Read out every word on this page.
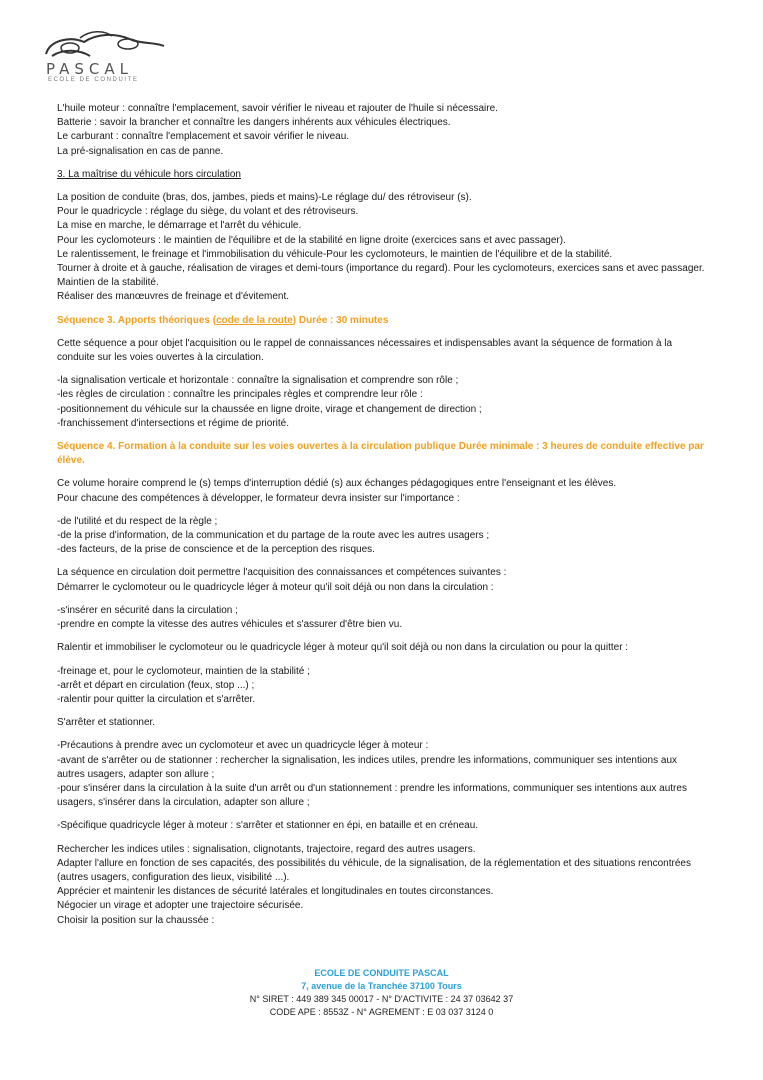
PASCAL
ECOLE DE CONDUITE

L'huile moteur : connaître l'emplacement, savoir vérifier le niveau et rajouter de l'huile si nécessaire.
Batterie : savoir la brancher et connaître les dangers inhérents aux véhicules électriques.
Le carburant : connaître l'emplacement et savoir vérifier le niveau.
La pré-signalisation en cas de panne.

3. La maîtrise du véhicule hors circulation

La position de conduite (bras, dos, jambes, pieds et mains)-Le réglage du/ des rétroviseur (s).
Pour le quadricycle : réglage du siège, du volant et des rétroviseurs.
La mise en marche, le démarrage et l'arrêt du véhicule.
Pour les cyclomoteurs : le maintien de l'équilibre et de la stabilité en ligne droite (exercices sans et avec passager).
Le ralentissement, le freinage et l'immobilisation du véhicule-Pour les cyclomoteurs, le maintien de l'équilibre et de la stabilité.
Tourner à droite et à gauche, réalisation de virages et demi-tours (importance du regard). Pour les cyclomoteurs, exercices sans et avec passager. Maintien de la stabilité.
Réaliser des manœuvres de freinage et d'évitement.

Séquence 3. Apports théoriques (code de la route) Durée : 30 minutes

Cette séquence a pour objet l'acquisition ou le rappel de connaissances nécessaires et indispensables avant la séquence de formation à la conduite sur les voies ouvertes à la circulation.

-la signalisation verticale et horizontale : connaître la signalisation et comprendre son rôle ;
-les règles de circulation : connaître les principales règles et comprendre leur rôle :
-positionnement du véhicule sur la chaussée en ligne droite, virage et changement de direction ;
-franchissement d'intersections et régime de priorité.

Séquence 4. Formation à la conduite sur les voies ouvertes à la circulation publique Durée minimale : 3 heures de conduite effective par élève.

Ce volume horaire comprend le (s) temps d'interruption dédié (s) aux échanges pédagogiques entre l'enseignant et les élèves.
Pour chacune des compétences à développer, le formateur devra insister sur l'importance :

-de l'utilité et du respect de la règle ;
-de la prise d'information, de la communication et du partage de la route avec les autres usagers ;
-des facteurs, de la prise de conscience et de la perception des risques.

La séquence en circulation doit permettre l'acquisition des connaissances et compétences suivantes :
Démarrer le cyclomoteur ou le quadricycle léger à moteur qu'il soit déjà ou non dans la circulation :

-s'insérer en sécurité dans la circulation ;
-prendre en compte la vitesse des autres véhicules et s'assurer d'être bien vu.

Ralentir et immobiliser le cyclomoteur ou le quadricycle léger à moteur qu'il soit déjà ou non dans la circulation ou pour la quitter :

-freinage et, pour le cyclomoteur, maintien de la stabilité ;
-arrêt et départ en circulation (feux, stop ...) ;
-ralentir pour quitter la circulation et s'arrêter.

S'arrêter et stationner.

-Précautions à prendre avec un cyclomoteur et avec un quadricycle léger à moteur :
-avant de s'arrêter ou de stationner : rechercher la signalisation, les indices utiles, prendre les informations, communiquer ses intentions aux autres usagers, adapter son allure ;
-pour s'insérer dans la circulation à la suite d'un arrêt ou d'un stationnement : prendre les informations, communiquer ses intentions aux autres usagers, s'insérer dans la circulation, adapter son allure ;

-Spécifique quadricycle léger à moteur : s'arrêter et stationner en épi, en bataille et en créneau.

Rechercher les indices utiles : signalisation, clignotants, trajectoire, regard des autres usagers.
Adapter l'allure en fonction de ses capacités, des possibilités du véhicule, de la signalisation, de la réglementation et des situations rencontrées (autres usagers, configuration des lieux, visibilité ...).
Apprécier et maintenir les distances de sécurité latérales et longitudinales en toutes circonstances.
Négocier un virage et adopter une trajectoire sécurisée.
Choisir la position sur la chaussée :

ECOLE DE CONDUITE PASCAL
7, avenue de la Tranchée 37100 Tours
N° SIRET : 449 389 345 00017 - N° D'ACTIVITE : 24 37 03642 37
CODE APE : 8553Z - N° AGREMENT : E 03 037 3124 0
